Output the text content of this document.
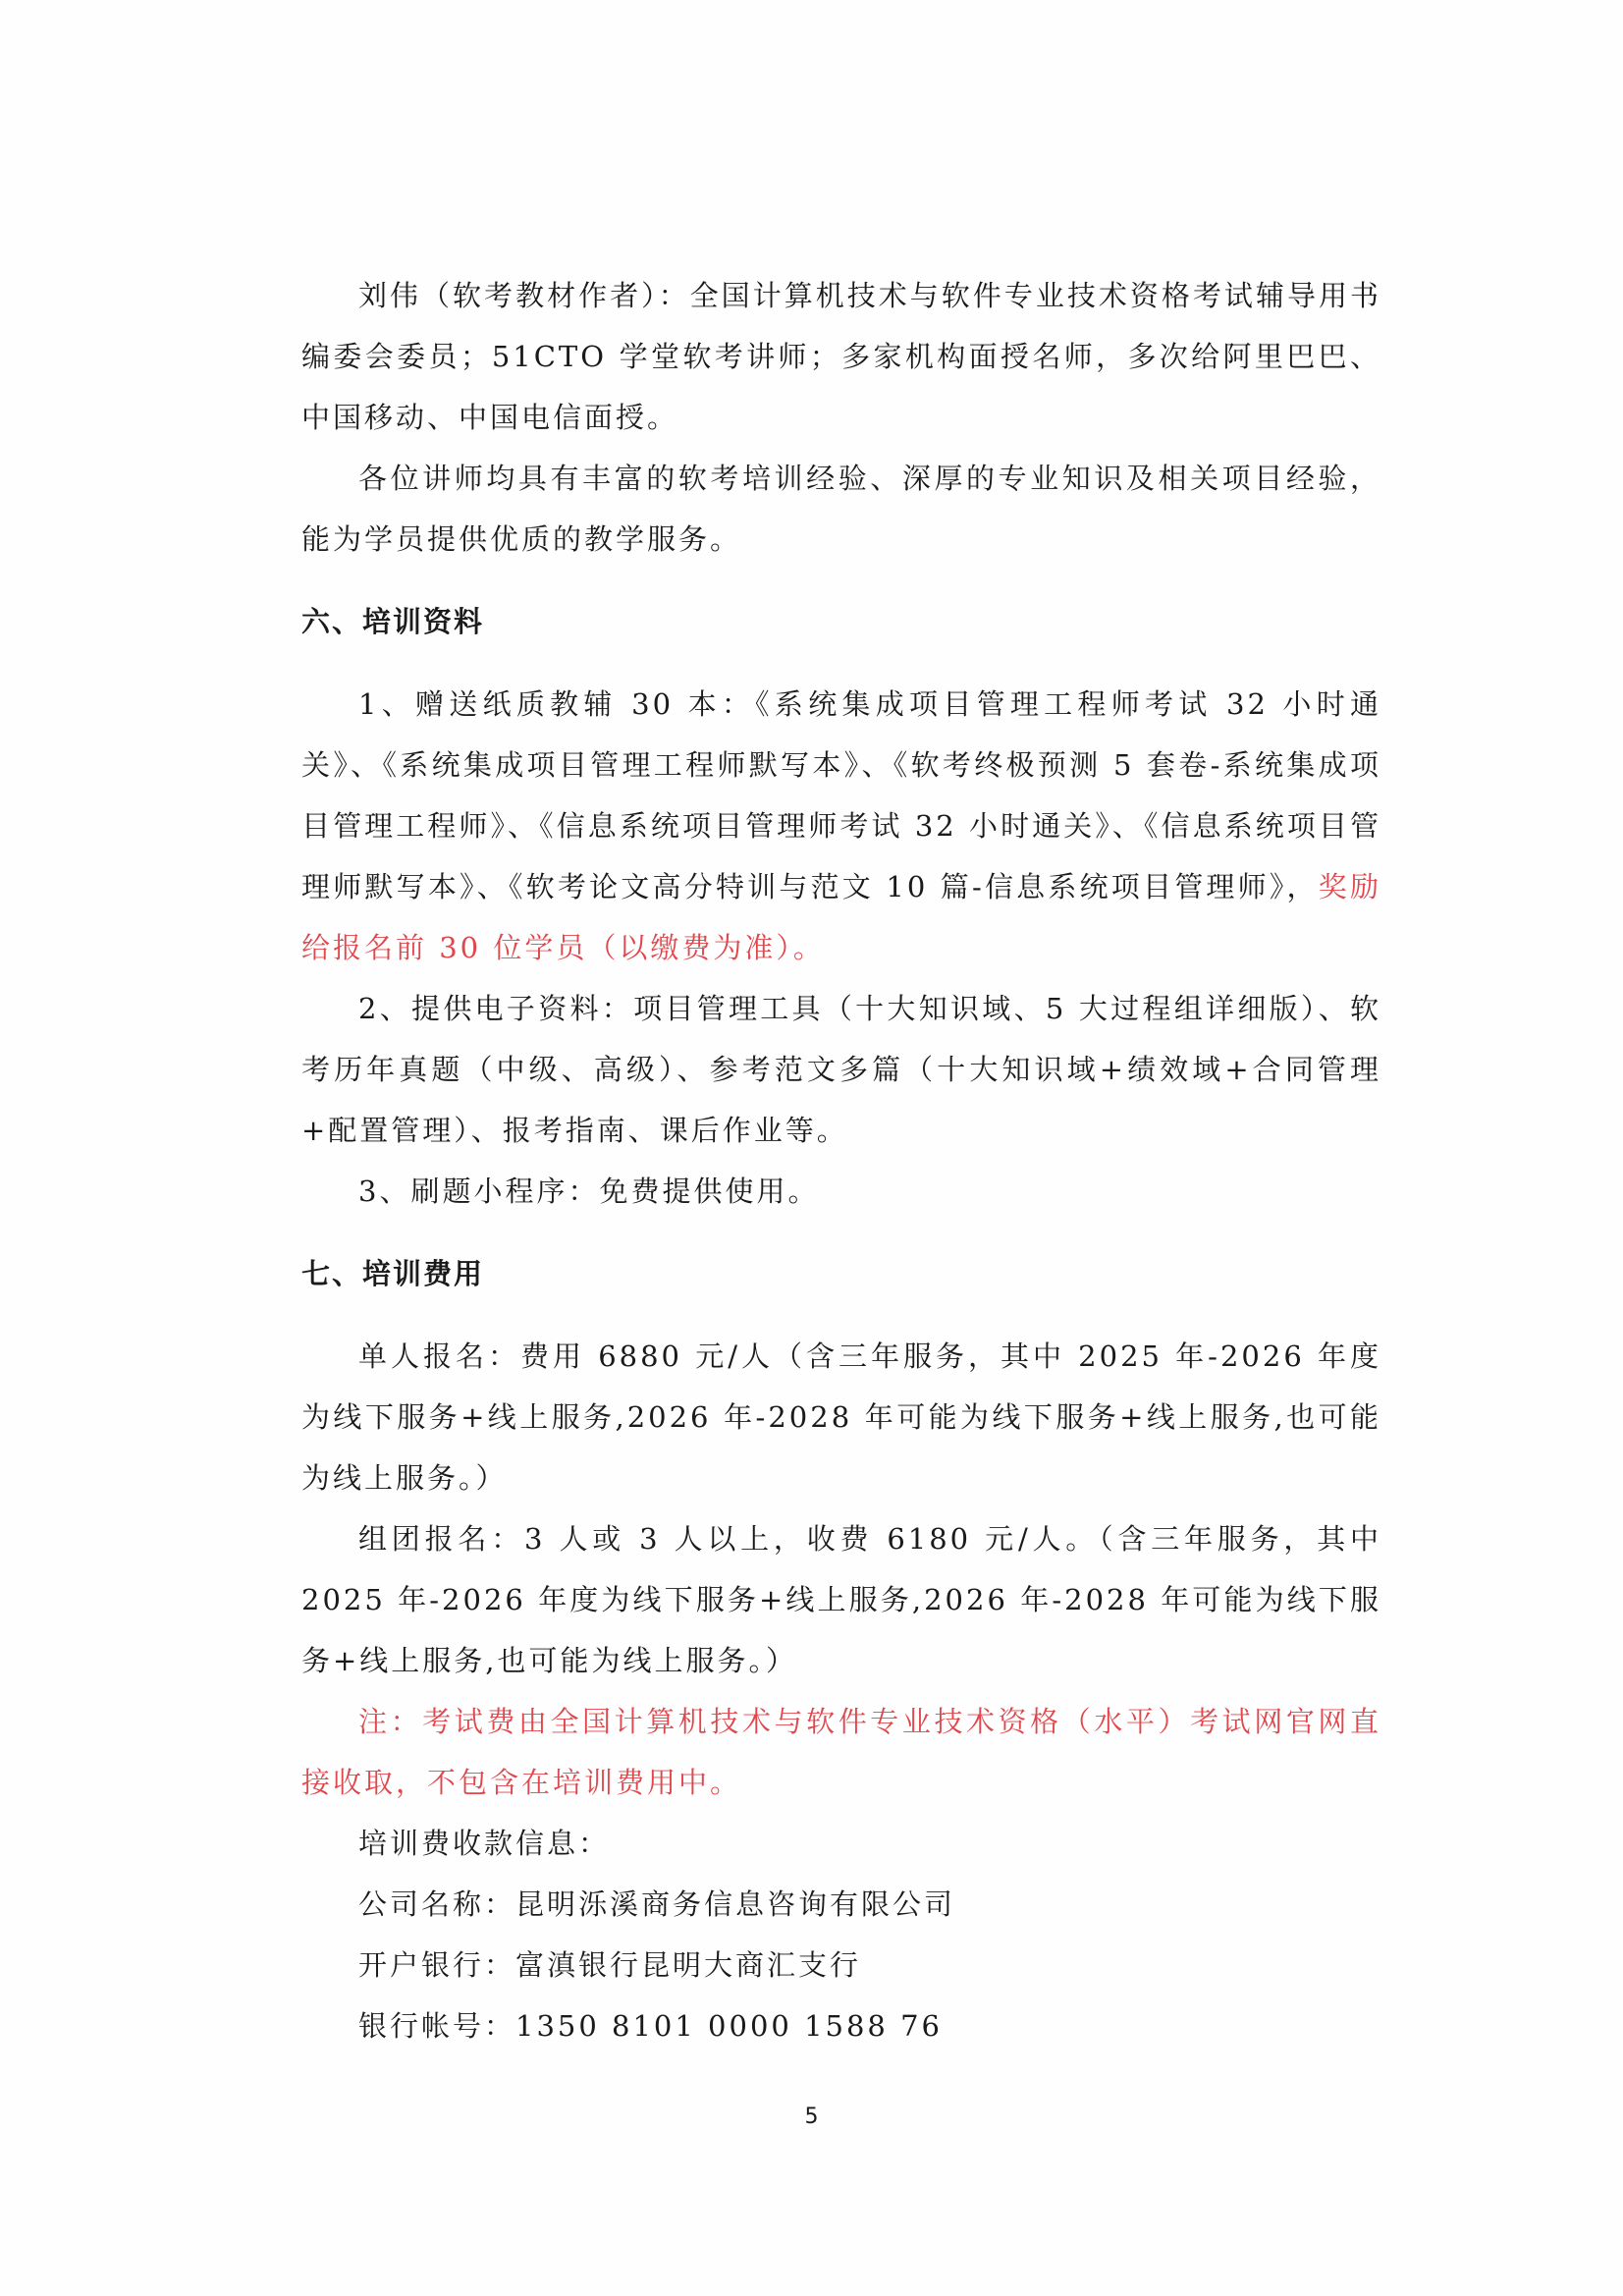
刘伟（软考教材作者）：全国计算机技术与软件专业技术资格考试辅导用书编委会委员；51CTO 学堂软考讲师；多家机构面授名师，多次给阿里巴巴、中国移动、中国电信面授。

各位讲师均具有丰富的软考培训经验、深厚的专业知识及相关项目经验，能为学员提供优质的教学服务。

六、培训资料

1、赠送纸质教辅 30 本：《系统集成项目管理工程师考试 32 小时通关》、《系统集成项目管理工程师默写本》、《软考终极预测 5 套卷-系统集成项目管理工程师》、《信息系统项目管理师考试 32 小时通关》、《信息系统项目管理师默写本》、《软考论文高分特训与范文 10 篇-信息系统项目管理师》，奖励给报名前 30 位学员（以缴费为准）。

2、提供电子资料：项目管理工具（十大知识域、5 大过程组详细版）、软考历年真题（中级、高级）、参考范文多篇（十大知识域+绩效域+合同管理+配置管理）、报考指南、课后作业等。

3、刷题小程序：免费提供使用。

七、培训费用

单人报名：费用 6880 元/人（含三年服务，其中 2025 年-2026 年度为线下服务+线上服务,2026 年-2028 年可能为线下服务+线上服务,也可能为线上服务。）

组团报名：3 人或 3 人以上，收费 6180 元/人。（含三年服务，其中 2025 年-2026 年度为线下服务+线上服务,2026 年-2028 年可能为线下服务+线上服务,也可能为线上服务。）

注：考试费由全国计算机技术与软件专业技术资格（水平）考试网官网直接收取，不包含在培训费用中。

培训费收款信息：

公司名称：昆明泺溪商务信息咨询有限公司

开户银行：富滇银行昆明大商汇支行

银行帐号：1350 8101 0000 1588 76

5
